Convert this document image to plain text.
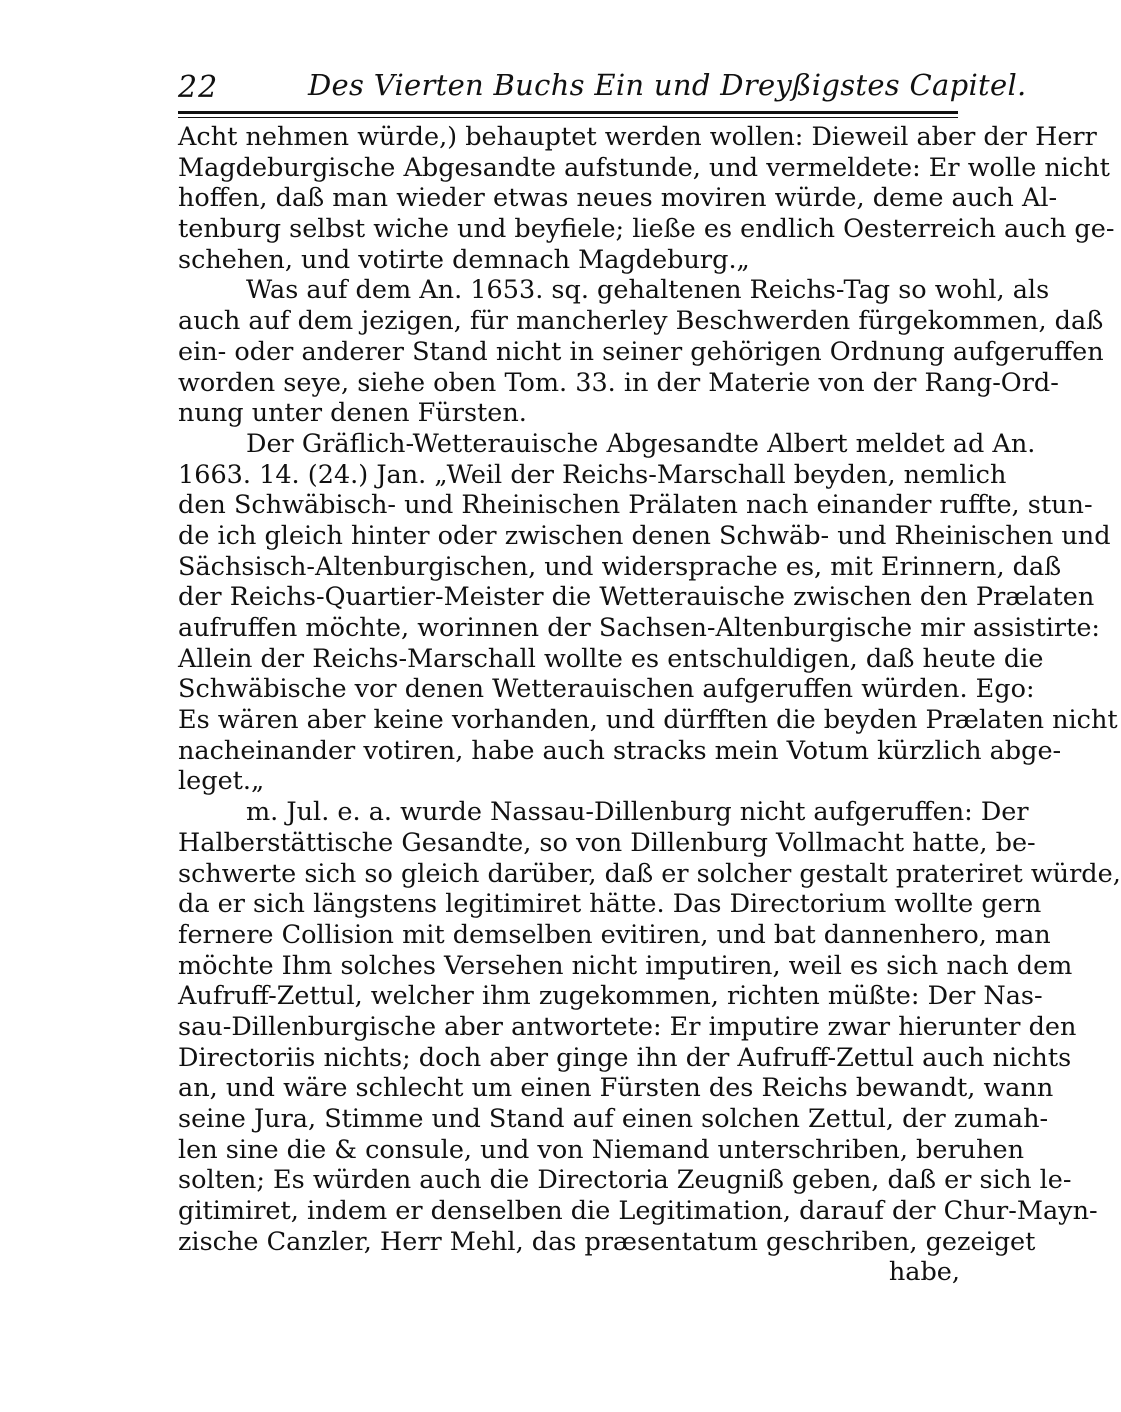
22	Des Vierten Buchs Ein und Dreyßigstes Capitel.
Acht nehmen würde,) behauptet werden wollen: Dieweil aber der Herr
Magdeburgische Abgesandte aufstunde, und vermeldete: Er wolle nicht
hoffen, daß man wieder etwas neues moviren würde, deme auch Al-
tenburg selbst wiche und beyfiele; ließe es endlich Oesterreich auch ge-
schehen, und votirte demnach Magdeburg.„
Was auf dem An. 1653. sq. gehaltenen Reichs-Tag so wohl, als
auch auf dem jezigen, für mancherley Beschwerden fürgekommen, daß
ein- oder anderer Stand nicht in seiner gehörigen Ordnung aufgeruffen
worden seye, siehe oben Tom. 33. in der Materie von der Rang-Ord-
nung unter denen Fürsten.
Der Gräflich-Wetterauische Abgesandte Albert meldet ad An.
1663. 14. (24.) Jan. „Weil der Reichs-Marschall beyden, nemlich
den Schwäbisch- und Rheinischen Prälaten nach einander ruffte, stun-
de ich gleich hinter oder zwischen denen Schwäb- und Rheinischen und
Sächsisch-Altenburgischen, und widersprache es, mit Erinnern, daß
der Reichs-Quartier-Meister die Wetterauische zwischen den Prælaten
aufruffen möchte, worinnen der Sachsen-Altenburgische mir assistirte:
Allein der Reichs-Marschall wollte es entschuldigen, daß heute die
Schwäbische vor denen Wetterauischen aufgeruffen würden. Ego:
Es wären aber keine vorhanden, und dürfften die beyden Prælaten nicht
nacheinander votiren, habe auch stracks mein Votum kürzlich abge-
leget.„
m. Jul. e. a. wurde Nassau-Dillenburg nicht aufgeruffen: Der
Halberstättische Gesandte, so von Dillenburg Vollmacht hatte, be-
schwerte sich so gleich darüber, daß er solcher gestalt prateriret würde,
da er sich längstens legitimiret hätte. Das Directorium wollte gern
fernere Collision mit demselben evitiren, und bat dannenhero, man
möchte Ihm solches Versehen nicht imputiren, weil es sich nach dem
Aufruff-Zettul, welcher ihm zugekommen, richten müßte: Der Nas-
sau-Dillenburgische aber antwortete: Er imputire zwar hierunter den
Directoriis nichts; doch aber ginge ihn der Aufruff-Zettul auch nichts
an, und wäre schlecht um einen Fürsten des Reichs bewandt, wann
seine Jura, Stimme und Stand auf einen solchen Zettul, der zumah-
len sine die & consule, und von Niemand unterschriben, beruhen
solten; Es würden auch die Directoria Zeugniß geben, daß er sich le-
gitimiret, indem er denselben die Legitimation, darauf der Chur-Mayn-
zische Canzler, Herr Mehl, das præsentatum geschriben, gezeiget
habe,
